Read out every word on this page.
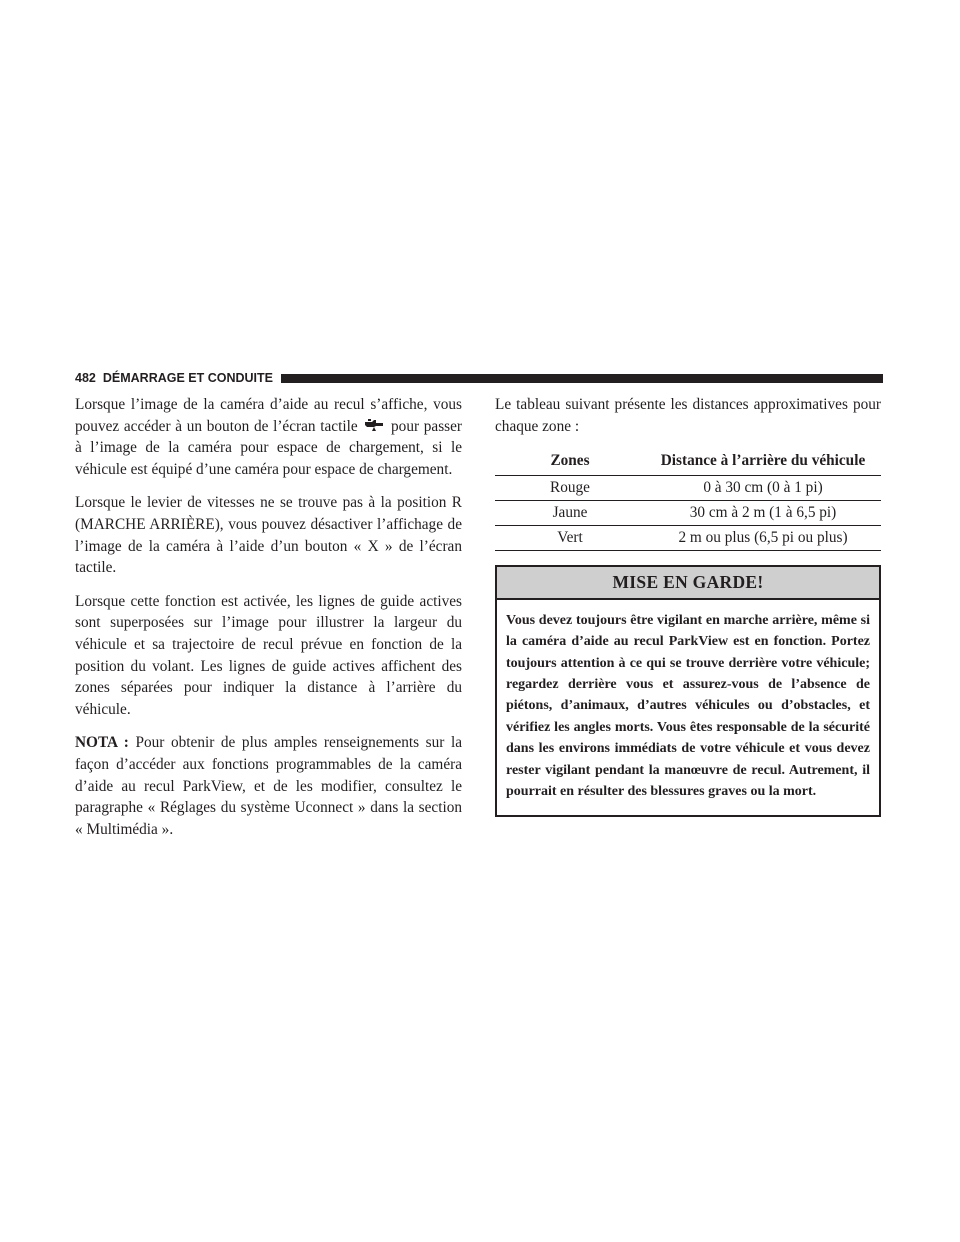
482 DÉMARRAGE ET CONDUITE

Lorsque l’image de la caméra d’aide au recul s’affiche, vous pouvez accéder à un bouton de l’écran tactile pour passer à l’image de la caméra pour espace de chargement, si le véhicule est équipé d’une caméra pour espace de chargement.

Lorsque le levier de vitesses ne se trouve pas à la position R (MARCHE ARRIÈRE), vous pouvez désactiver l’affichage de l’image de la caméra à l’aide d’un bouton « X » de l’écran tactile.

Lorsque cette fonction est activée, les lignes de guide actives sont superposées sur l’image pour illustrer la largeur du véhicule et sa trajectoire de recul prévue en fonction de la position du volant. Les lignes de guide actives affichent des zones séparées pour indiquer la distance à l’arrière du véhicule.

NOTA : Pour obtenir de plus amples renseignements sur la façon d’accéder aux fonctions programmables de la caméra d’aide au recul ParkView, et de les modifier, consultez le paragraphe « Réglages du système Uconnect » dans la section « Multimédia ».

Le tableau suivant présente les distances approximatives pour chaque zone :

Zones	Distance à l’arrière du véhicule
Rouge	0 à 30 cm (0 à 1 pi)
Jaune	30 cm à 2 m (1 à 6,5 pi)
Vert	2 m ou plus (6,5 pi ou plus)
MISE EN GARDE!
Vous devez toujours être vigilant en marche arrière, même si la caméra d’aide au recul ParkView est en fonction. Portez toujours attention à ce qui se trouve derrière votre véhicule; regardez derrière vous et assurez-vous de l’absence de piétons, d’animaux, d’autres véhicules ou d’obstacles, et vérifiez les angles morts. Vous êtes responsable de la sécurité dans les environs immédiats de votre véhicule et vous devez rester vigilant pendant la manœuvre de recul. Autrement, il pourrait en résulter des blessures graves ou la mort.
